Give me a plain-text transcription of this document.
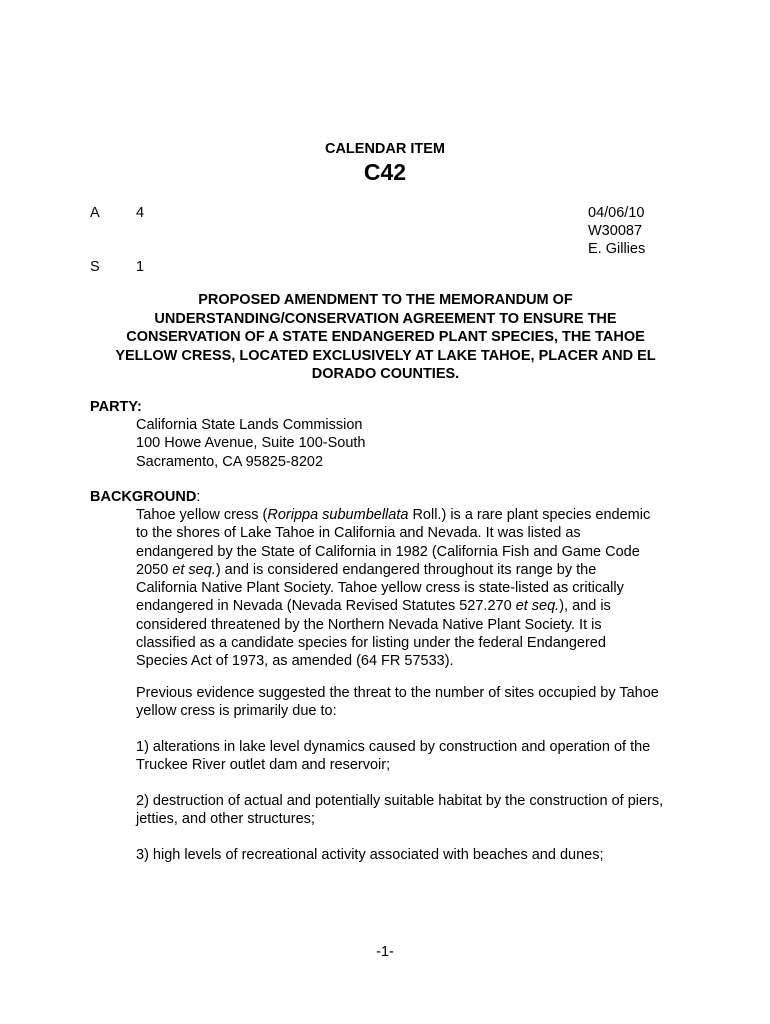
CALENDAR ITEM
C42
A	4
S	1
04/06/10
W30087
E. Gillies
PROPOSED AMENDMENT TO THE MEMORANDUM OF
UNDERSTANDING/CONSERVATION AGREEMENT TO ENSURE THE
CONSERVATION OF A STATE ENDANGERED PLANT SPECIES, THE TAHOE
YELLOW CRESS, LOCATED EXCLUSIVELY AT LAKE TAHOE, PLACER AND EL
DORADO COUNTIES.
PARTY:
California State Lands Commission
100 Howe Avenue, Suite 100-South
Sacramento, CA 95825-8202
BACKGROUND:
Tahoe yellow cress (Rorippa subumbellata Roll.) is a rare plant species endemic
to the shores of Lake Tahoe in California and Nevada. It was listed as
endangered by the State of California in 1982 (California Fish and Game Code
2050 et seq.) and is considered endangered throughout its range by the
California Native Plant Society. Tahoe yellow cress is state-listed as critically
endangered in Nevada (Nevada Revised Statutes 527.270 et seq.), and is
considered threatened by the Northern Nevada Native Plant Society. It is
classified as a candidate species for listing under the federal Endangered
Species Act of 1973, as amended (64 FR 57533).
Previous evidence suggested the threat to the number of sites occupied by Tahoe
yellow cress is primarily due to:
1) alterations in lake level dynamics caused by construction and operation of the
Truckee River outlet dam and reservoir;
2) destruction of actual and potentially suitable habitat by the construction of piers,
jetties, and other structures;
3) high levels of recreational activity associated with beaches and dunes;
-1-
